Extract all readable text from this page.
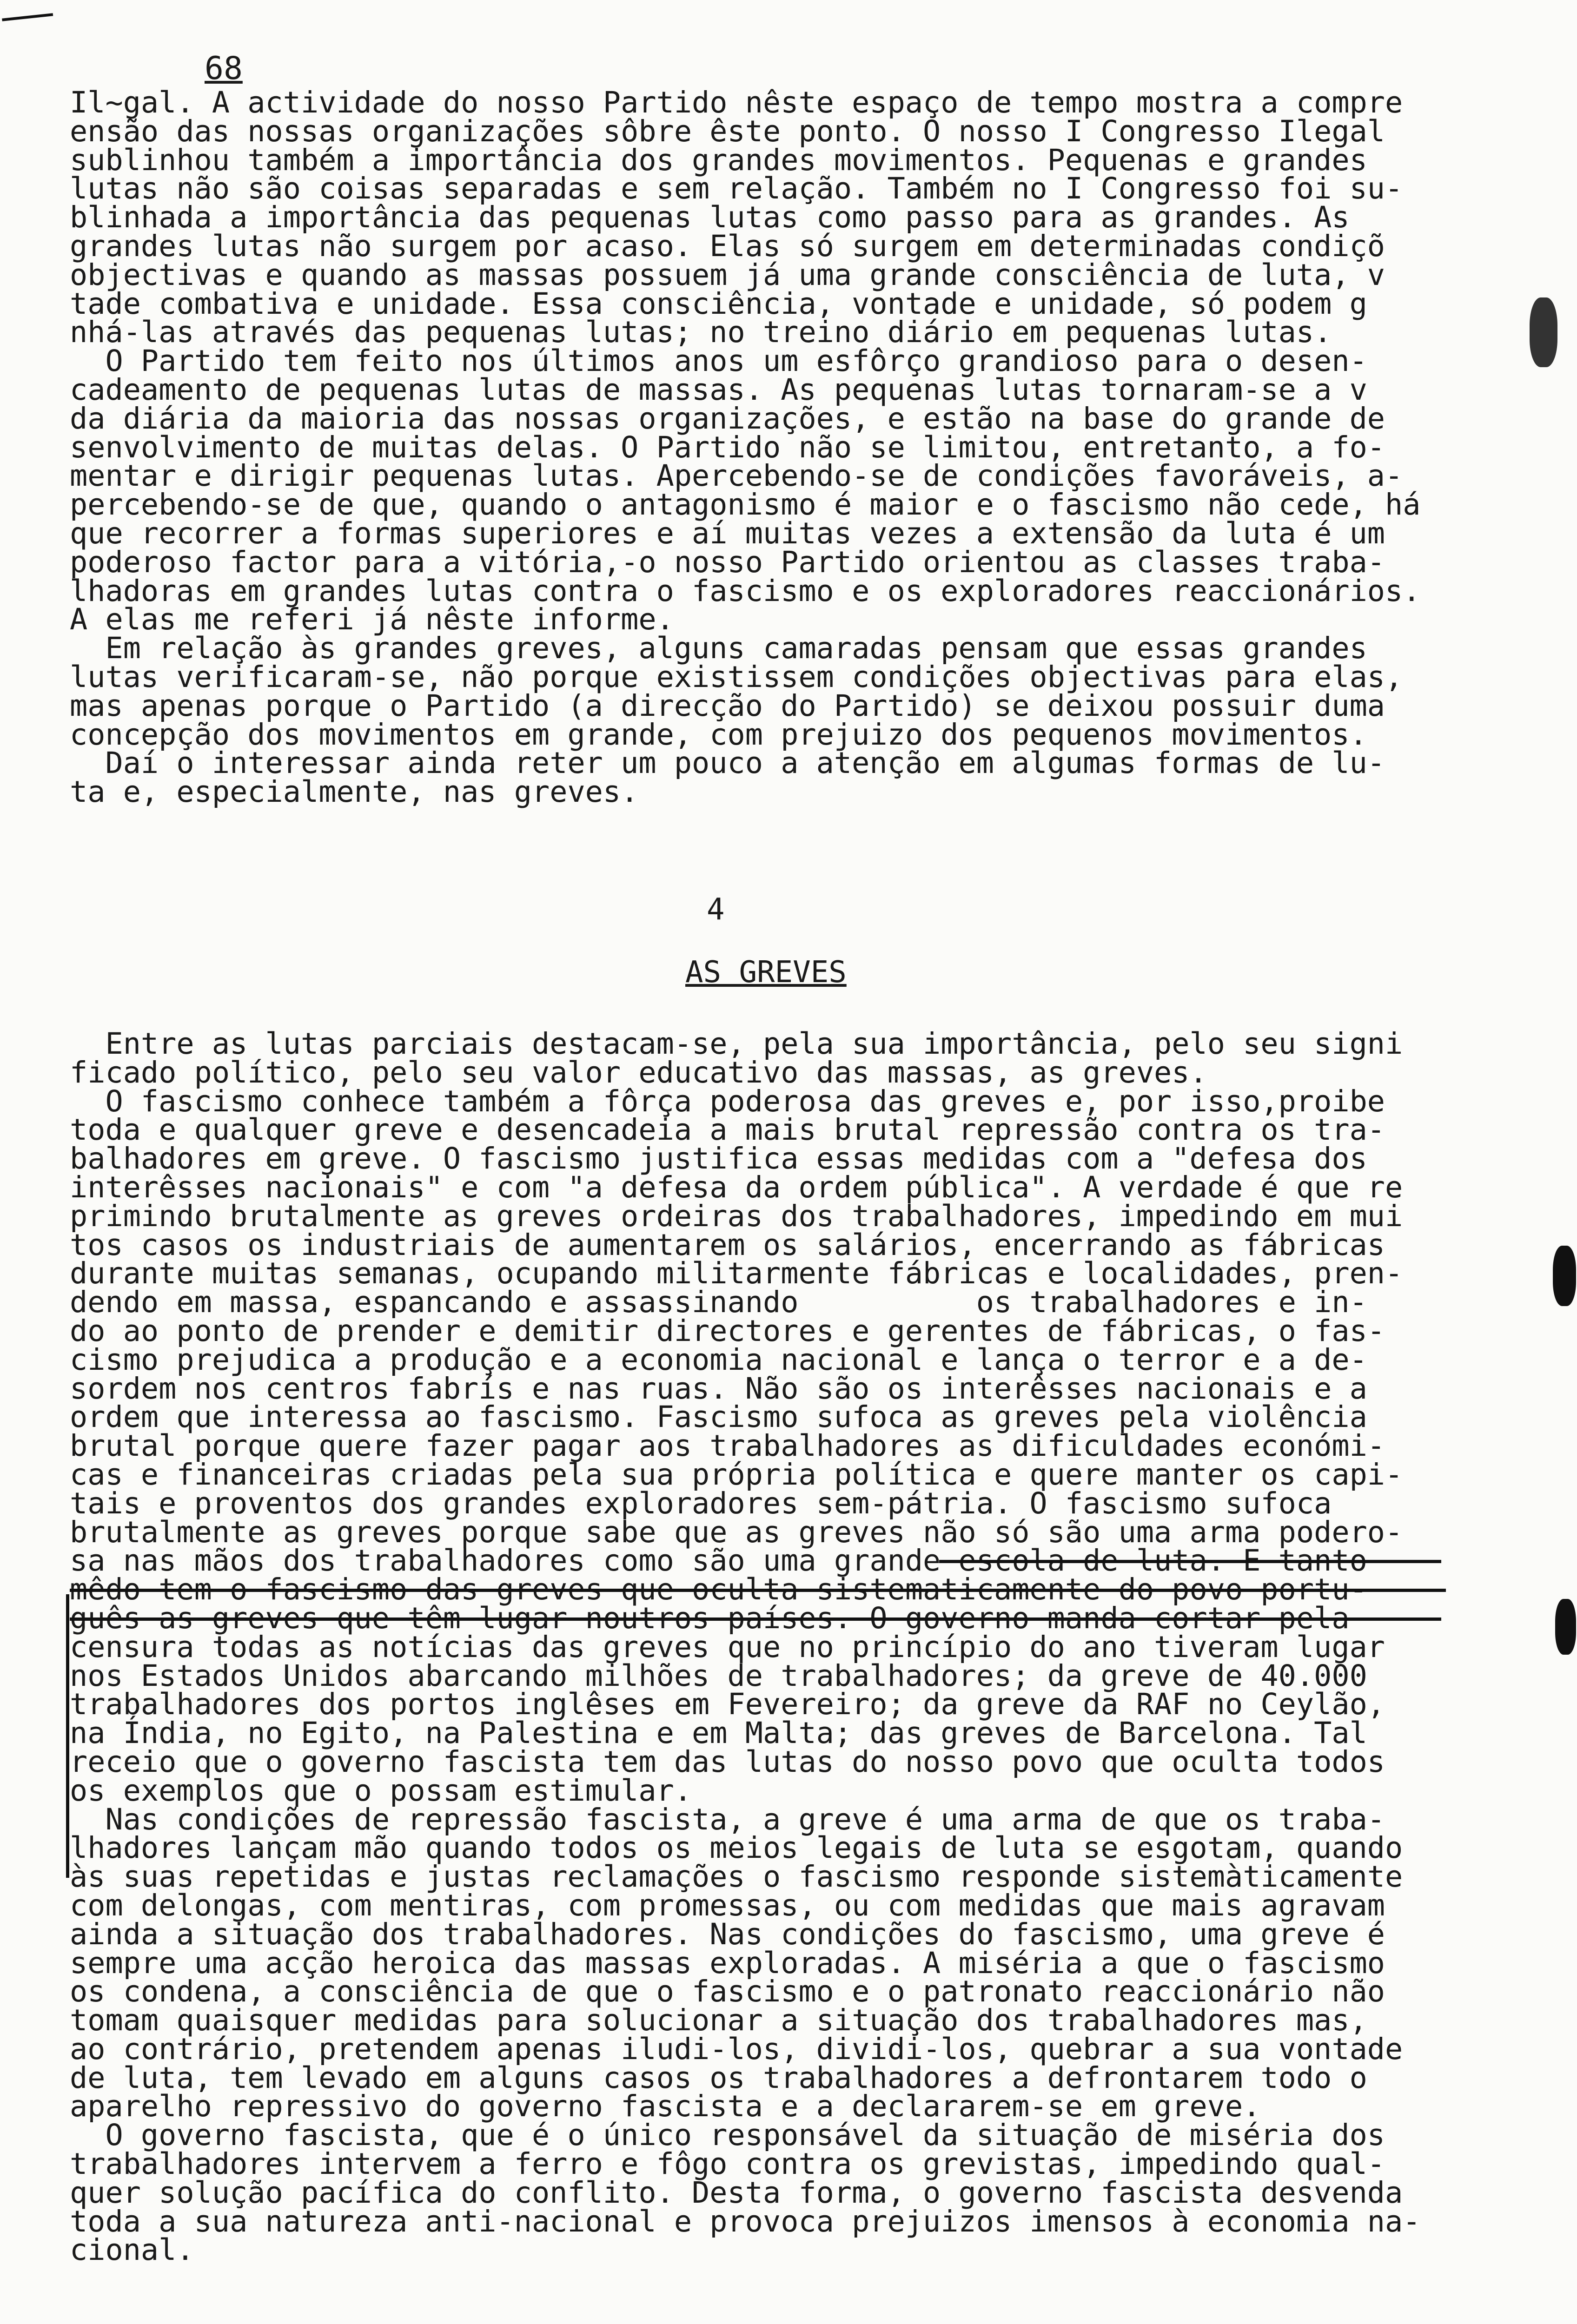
68
Il~gal. A actividade do nosso Partido nêste espaço de tempo mostra a compre
ensão das nossas organizações sôbre êste ponto. O nosso I Congresso Ilegal
sublinhou também a importância dos grandes movimentos. Pequenas e grandes
lutas não são coisas separadas e sem relação. Também no I Congresso foi su-
blinhada a importância das pequenas lutas como passo para as grandes. As
grandes lutas não surgem por acaso. Elas só surgem em determinadas condiçõ
objectivas e quando as massas possuem já uma grande consciência de luta, v
tade combativa e unidade. Essa consciência, vontade e unidade, só podem g
nhá-las através das pequenas lutas; no treino diário em pequenas lutas.
O Partido tem feito nos últimos anos um esfôrço grandioso para o desen-
cadeamento de pequenas lutas de massas. As pequenas lutas tornaram-se a v
da diária da maioria das nossas organizações, e estão na base do grande de
senvolvimento de muitas delas. O Partido não se limitou, entretanto, a fo-
mentar e dirigir pequenas lutas. Apercebendo-se de condições favoráveis, a-
percebendo-se de que, quando o antagonismo é maior e o fascismo não cede, há
que recorrer a formas superiores e aí muitas vezes a extensão da luta é um
poderoso factor para a vitória,-o nosso Partido orientou as classes traba-
lhadoras em grandes lutas contra o fascismo e os exploradores reaccionários.
A elas me referi já nêste informe.
Em relação às grandes greves, alguns camaradas pensam que essas grandes
lutas verificaram-se, não porque existissem condições objectivas para elas,
mas apenas porque o Partido (a direcção do Partido) se deixou possuir duma
concepção dos movimentos em grande, com prejuizo dos pequenos movimentos.
Daí o interessar ainda reter um pouco a atenção em algumas formas de lu-
ta e, especialmente, nas greves.
4
AS GREVES
Entre as lutas parciais destacam-se, pela sua importância, pelo seu signi
ficado político, pelo seu valor educativo das massas, as greves.
O fascismo conhece também a fôrça poderosa das greves e, por isso,proibe
toda e qualquer greve e desencadeia a mais brutal repressão contra os tra-
balhadores em greve. O fascismo justifica essas medidas com a "defesa dos
interêsses nacionais" e com "a defesa da ordem pública". A verdade é que re
primindo brutalmente as greves ordeiras dos trabalhadores, impedindo em mui
tos casos os industriais de aumentarem os salários, encerrando as fábricas
durante muitas semanas, ocupando militarmente fábricas e localidades, pren-
dendo em massa, espancando e assassinando          os trabalhadores e in-
do ao ponto de prender e demitir directores e gerentes de fábricas, o fas-
cismo prejudica a produção e a economia nacional e lança o terror e a de-
sordem nos centros fabrís e nas ruas. Não são os interêsses nacionais e a
ordem que interessa ao fascismo. Fascismo sufoca as greves pela violência
brutal porque quere fazer pagar aos trabalhadores as dificuldades económi-
cas e financeiras criadas pela sua própria política e quere manter os capi-
tais e proventos dos grandes exploradores sem-pátria. O fascismo sufoca
brutalmente as greves porque sabe que as greves não só são uma arma podero-
sa nas mãos dos trabalhadores como são uma grande escola de luta. E tanto
mêdo tem o fascismo das greves que oculta sistematicamente do povo portu-
guês as greves que têm lugar noutros países. O governo manda cortar pela
censura todas as notícias das greves que no princípio do ano tiveram lugar
nos Estados Unidos abarcando milhões de trabalhadores; da greve de 40.000
trabalhadores dos portos inglêses em Fevereiro; da greve da RAF no Ceylão,
na Índia, no Egito, na Palestina e em Malta; das greves de Barcelona. Tal
receio que o governo fascista tem das lutas do nosso povo que oculta todos
os exemplos que o possam estimular.
Nas condições de repressão fascista, a greve é uma arma de que os traba-
lhadores lançam mão quando todos os meios legais de luta se esgotam, quando
às suas repetidas e justas reclamações o fascismo responde sistemàticamente
com delongas, com mentiras, com promessas, ou com medidas que mais agravam
ainda a situação dos trabalhadores. Nas condições do fascismo, uma greve é
sempre uma acção heroica das massas exploradas. A miséria a que o fascismo
os condena, a consciência de que o fascismo e o patronato reaccionário não
tomam quaisquer medidas para solucionar a situação dos trabalhadores mas,
ao contrário, pretendem apenas iludi-los, dividi-los, quebrar a sua vontade
de luta, tem levado em alguns casos os trabalhadores a defrontarem todo o
aparelho repressivo do governo fascista e a declararem-se em greve.
O governo fascista, que é o único responsável da situação de miséria dos
trabalhadores intervem a ferro e fôgo contra os grevistas, impedindo qual-
quer solução pacífica do conflito. Desta forma, o governo fascista desvenda
toda a sua natureza anti-nacional e provoca prejuizos imensos à economia na-
cional.
